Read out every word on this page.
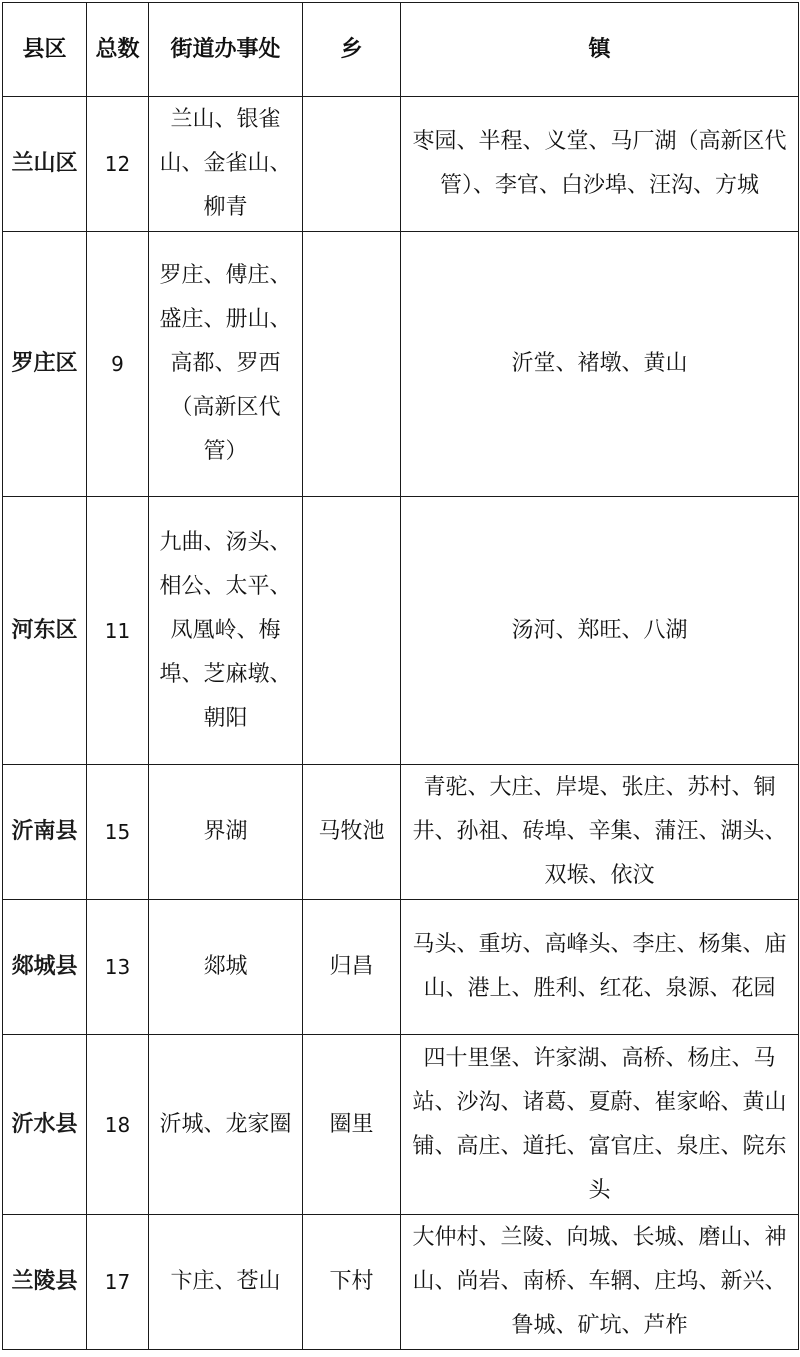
县区	总数	街道办事处	乡	镇
兰山区	12	兰山、银雀山、金雀山、柳青		枣园、半程、义堂、马厂湖（高新区代管）、李官、白沙埠、汪沟、方城
罗庄区	9	罗庄、傅庄、盛庄、册山、高都、罗西（高新区代管）		沂堂、褚墩、黄山
河东区	11	九曲、汤头、相公、太平、凤凰岭、梅埠、芝麻墩、朝阳		汤河、郑旺、八湖
沂南县	15	界湖	马牧池	青驼、大庄、岸堤、张庄、苏村、铜井、孙祖、砖埠、辛集、蒲汪、湖头、双堠、依汶
郯城县	13	郯城	归昌	马头、重坊、高峰头、李庄、杨集、庙山、港上、胜利、红花、泉源、花园
沂水县	18	沂城、龙家圈	圈里	四十里堡、许家湖、高桥、杨庄、马站、沙沟、诸葛、夏蔚、崔家峪、黄山铺、高庄、道托、富官庄、泉庄、院东头
兰陵县	17	卞庄、苍山	下村	大仲村、兰陵、向城、长城、磨山、神山、尚岩、南桥、车辋、庄坞、新兴、鲁城、矿坑、芦柞
